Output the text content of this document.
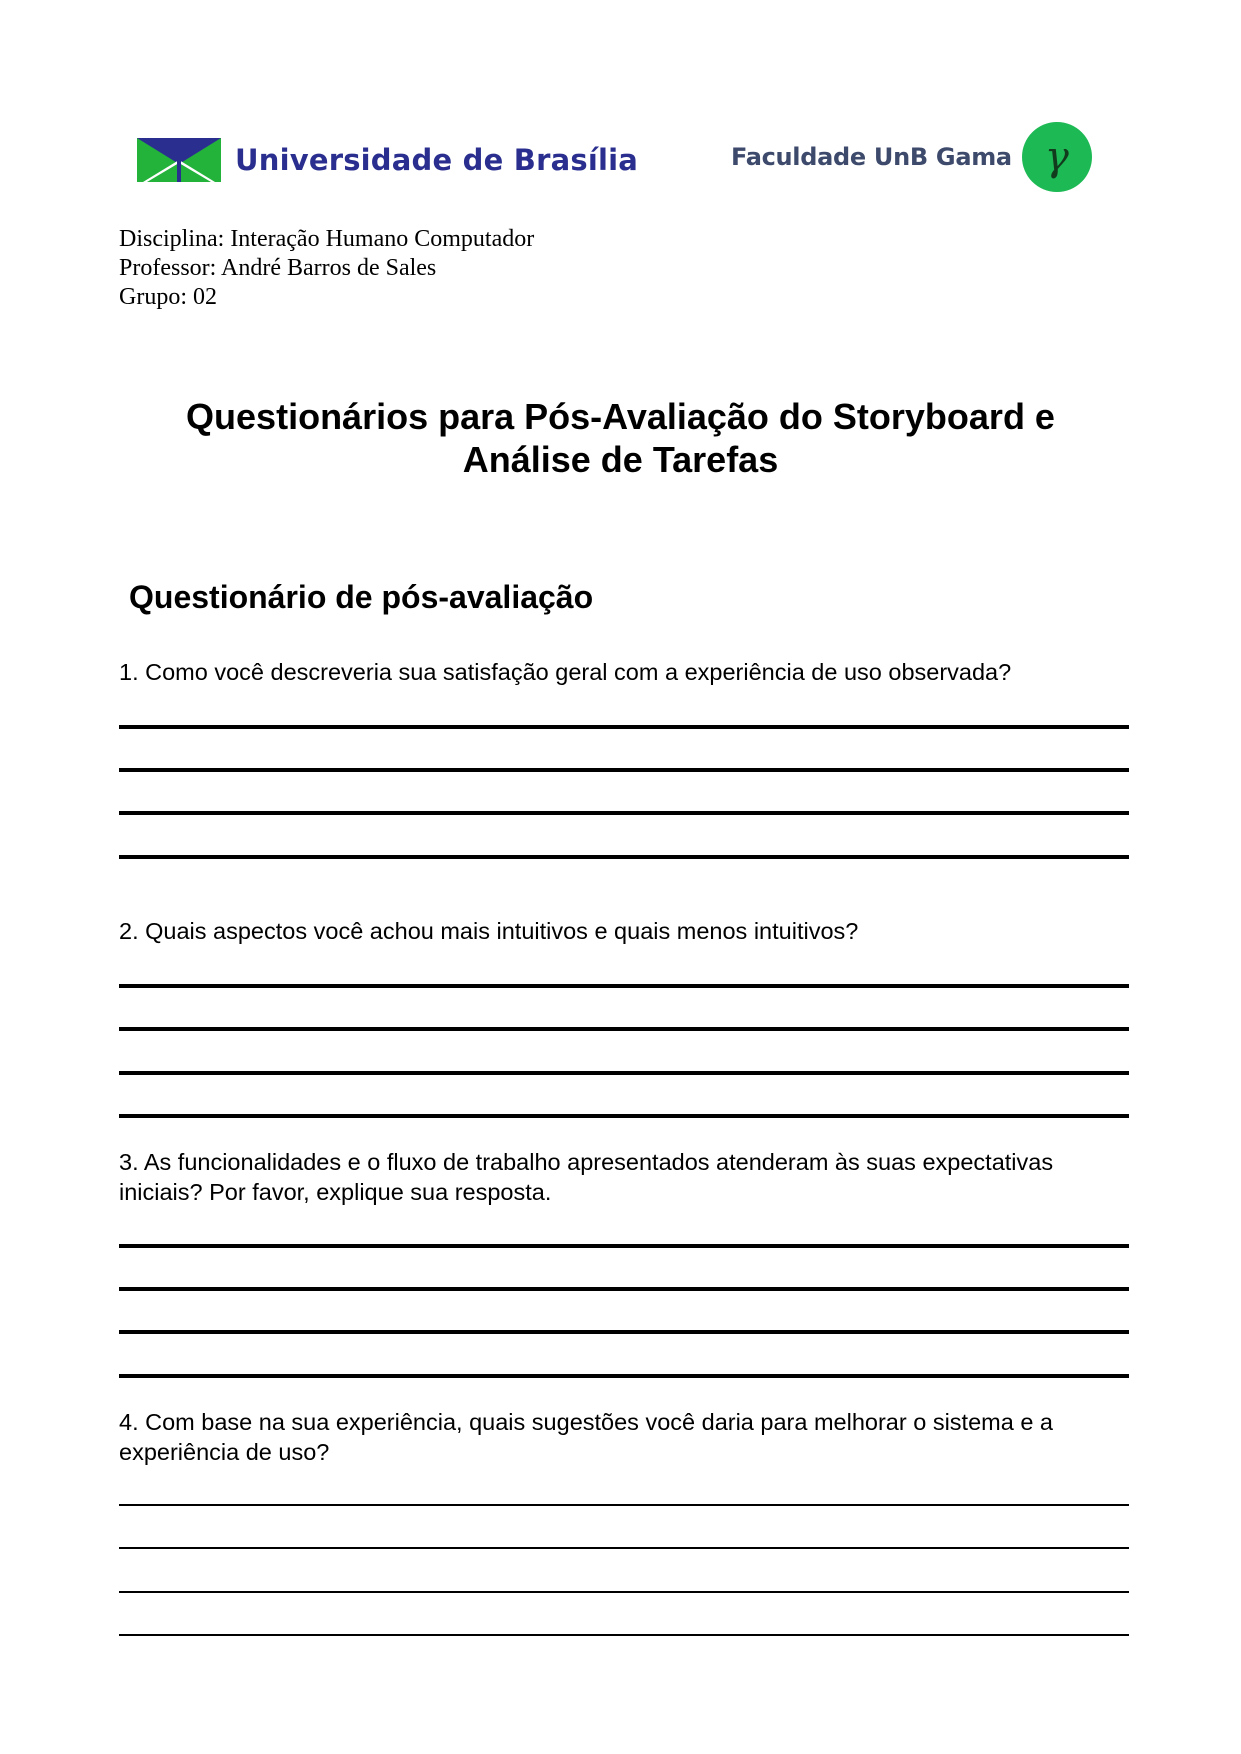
Universidade de Brasília	Faculdade UnB Gama γ
Disciplina: Interação Humano Computador
Professor: André Barros de Sales
Grupo: 02
Questionários para Pós-Avaliação do Storyboard e
Análise de Tarefas
Questionário de pós-avaliação
1. Como você descreveria sua satisfação geral com a experiência de uso observada?
2. Quais aspectos você achou mais intuitivos e quais menos intuitivos?
3. As funcionalidades e o fluxo de trabalho apresentados atenderam às suas expectativas iniciais? Por favor, explique sua resposta.
4. Com base na sua experiência, quais sugestões você daria para melhorar o sistema e a experiência de uso?
